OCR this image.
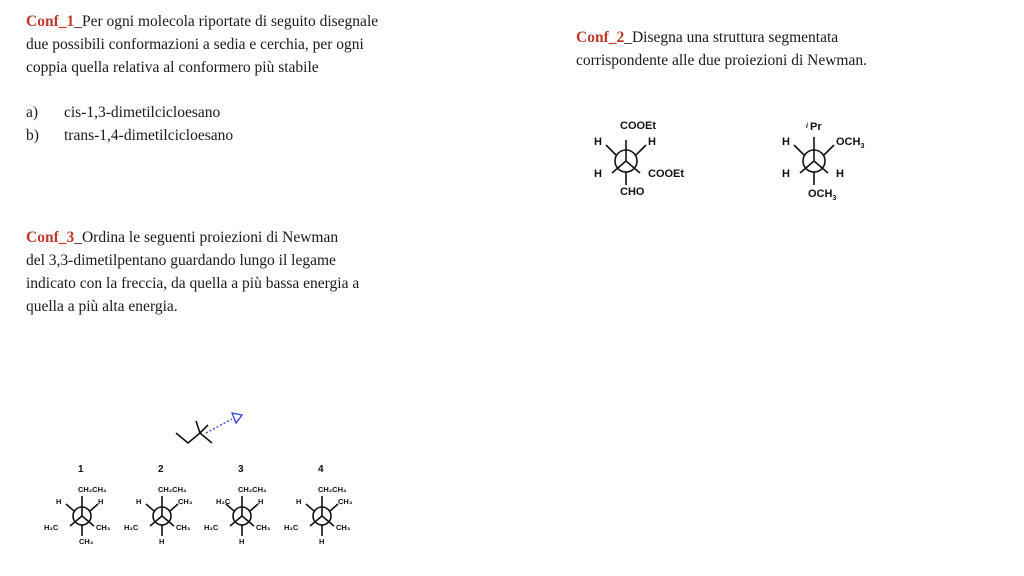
Conf_1_Per ogni molecola riportate di seguito disegnale
due possibili conformazioni a sedia e cerchia, per ogni
coppia quella relativa al conformero più stabile
a)	cis-1,3-dimetilcicloesano
b)	trans-1,4-dimetilcicloesano
Conf_2_Disegna una struttura segmentata
corrispondente alle due proiezioni di Newman.
COOEt
H	H
H	COOEt
CHO
i Pr
H	$OCH_3$
H	H
$OCH_3$
Conf_3_Ordina le seguenti proiezioni di Newman
del 3,3-dimetilpentano guardando lungo il legame
indicato con la freccia, da quella a più bassa energia a
quella a più alta energia.
1
CH₂CH₃
H	H
H₃C	CH₃
CH₃
2
CH₂CH₃
H	CH₃
H₃C	CH₃
H
3
CH₂CH₃
H₃C	H
H₃C	CH₃
H
4
CH₂CH₃
H	CH₃
H₃C	CH₃
H
